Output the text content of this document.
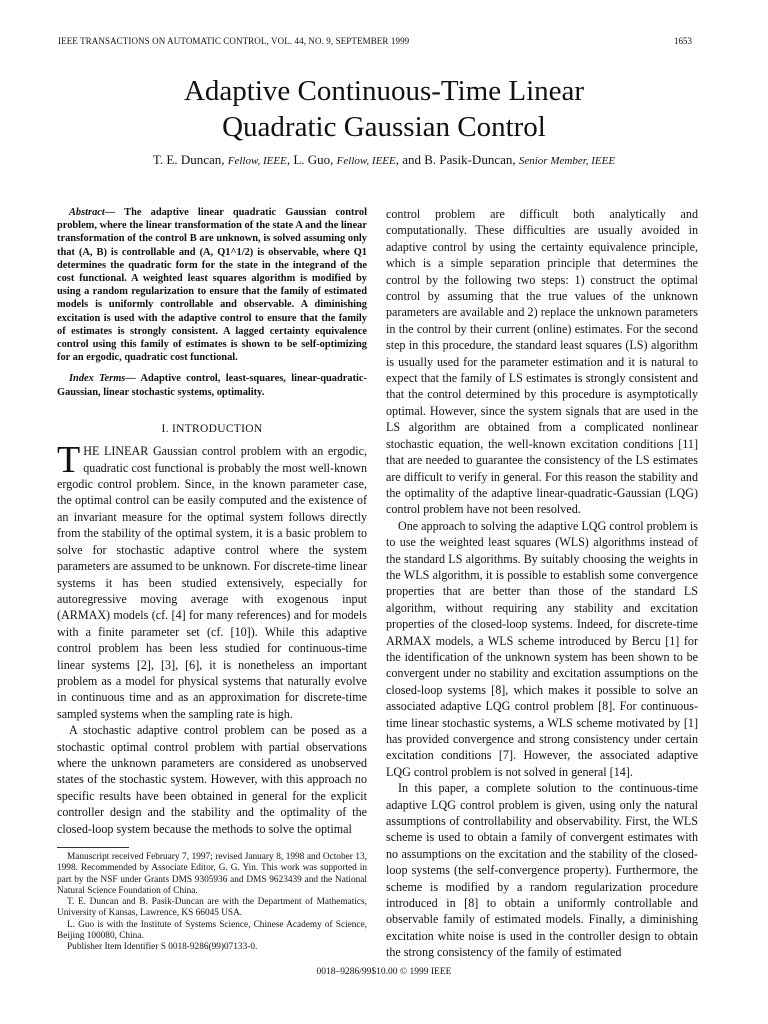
IEEE TRANSACTIONS ON AUTOMATIC CONTROL, VOL. 44, NO. 9, SEPTEMBER 1999	1653
Adaptive Continuous-Time Linear
Quadratic Gaussian Control
T. E. Duncan, Fellow, IEEE, L. Guo, Fellow, IEEE, and B. Pasik-Duncan, Senior Member, IEEE

Abstract— The adaptive linear quadratic Gaussian control problem, where the linear transformation of the state A and the linear transformation of the control B are unknown, is solved assuming only that (A, B) is controllable and (A, Q1^1/2) is observable, where Q1 determines the quadratic form for the state in the integrand of the cost functional. A weighted least squares algorithm is modified by using a random regularization to ensure that the family of estimated models is uniformly controllable and observable. A diminishing excitation is used with the adaptive control to ensure that the family of estimates is strongly consistent. A lagged certainty equivalence control using this family of estimates is shown to be self-optimizing for an ergodic, quadratic cost functional.

Index Terms— Adaptive control, least-squares, linear-quadratic-Gaussian, linear stochastic systems, optimality.

I. INTRODUCTION

THE LINEAR Gaussian control problem with an ergodic, quadratic cost functional is probably the most well-known ergodic control problem. Since, in the known parameter case, the optimal control can be easily computed and the existence of an invariant measure for the optimal system follows directly from the stability of the optimal system, it is a basic problem to solve for stochastic adaptive control where the system parameters are assumed to be unknown. For discrete-time linear systems it has been studied extensively, especially for autoregressive moving average with exogenous input (ARMAX) models (cf. [4] for many references) and for models with a finite parameter set (cf. [10]). While this adaptive control problem has been less studied for continuous-time linear systems [2], [3], [6], it is nonetheless an important problem as a model for physical systems that naturally evolve in continuous time and as an approximation for discrete-time sampled systems when the sampling rate is high.

A stochastic adaptive control problem can be posed as a stochastic optimal control problem with partial observations where the unknown parameters are considered as unobserved states of the stochastic system. However, with this approach no specific results have been obtained in general for the explicit controller design and the stability and the optimality of the closed-loop system because the methods to solve the optimal

Manuscript received February 7, 1997; revised January 8, 1998 and October 13, 1998. Recommended by Associate Editor, G. G. Yin. This work was supported in part by the NSF under Grants DMS 9305936 and DMS 9623439 and the National Natural Science Foundation of China.

T. E. Duncan and B. Pasik-Duncan are with the Department of Mathematics, University of Kansas, Lawrence, KS 66045 USA.

L. Guo is with the Institute of Systems Science, Chinese Academy of Science, Beijing 100080, China.

Publisher Item Identifier S 0018-9286(99)07133-0.

control problem are difficult both analytically and computationally. These difficulties are usually avoided in adaptive control by using the certainty equivalence principle, which is a simple separation principle that determines the control by the following two steps: 1) construct the optimal control by assuming that the true values of the unknown parameters are available and 2) replace the unknown parameters in the control by their current (online) estimates. For the second step in this procedure, the standard least squares (LS) algorithm is usually used for the parameter estimation and it is natural to expect that the family of LS estimates is strongly consistent and that the control determined by this procedure is asymptotically optimal. However, since the system signals that are used in the LS algorithm are obtained from a complicated nonlinear stochastic equation, the well-known excitation conditions [11] that are needed to guarantee the consistency of the LS estimates are difficult to verify in general. For this reason the stability and the optimality of the adaptive linear-quadratic-Gaussian (LQG) control problem have not been resolved.

One approach to solving the adaptive LQG control problem is to use the weighted least squares (WLS) algorithms instead of the standard LS algorithms. By suitably choosing the weights in the WLS algorithm, it is possible to establish some convergence properties that are better than those of the standard LS algorithm, without requiring any stability and excitation properties of the closed-loop systems. Indeed, for discrete-time ARMAX models, a WLS scheme introduced by Bercu [1] for the identification of the unknown system has been shown to be convergent under no stability and excitation assumptions on the closed-loop systems [8], which makes it possible to solve an associated adaptive LQG control problem [8]. For continuous-time linear stochastic systems, a WLS scheme motivated by [1] has provided convergence and strong consistency under certain excitation conditions [7]. However, the associated adaptive LQG control problem is not solved in general [14].

In this paper, a complete solution to the continuous-time adaptive LQG control problem is given, using only the natural assumptions of controllability and observability. First, the WLS scheme is used to obtain a family of convergent estimates with no assumptions on the excitation and the stability of the closed-loop systems (the self-convergence property). Furthermore, the scheme is modified by a random regularization procedure introduced in [8] to obtain a uniformly controllable and observable family of estimated models. Finally, a diminishing excitation white noise is used in the controller design to obtain the strong consistency of the family of estimated

0018–9286/99$10.00 © 1999 IEEE
